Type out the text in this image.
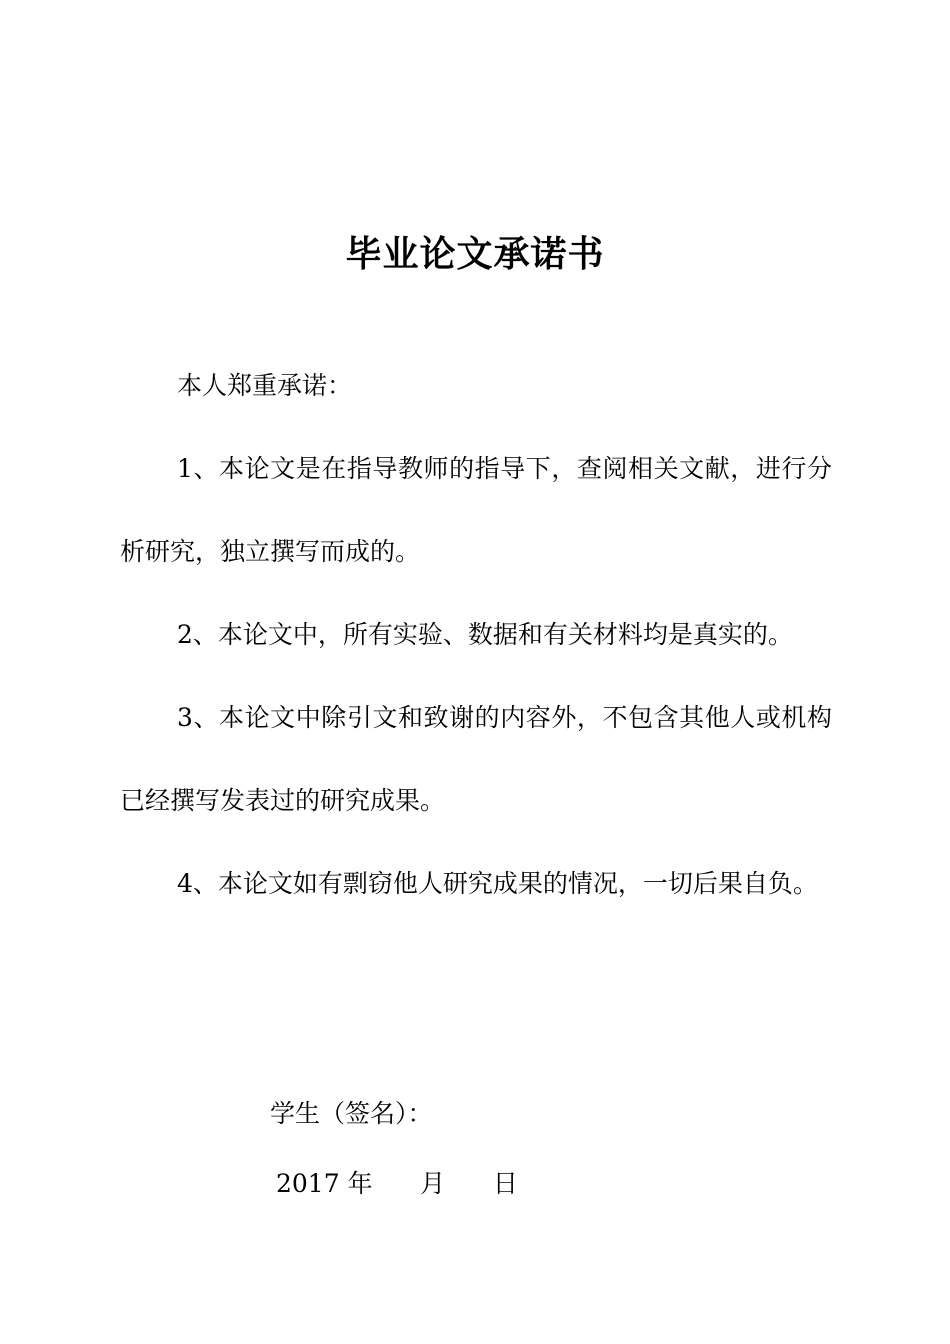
毕业论文承诺书

本人郑重承诺：

1、本论文是在指导教师的指导下，查阅相关文献，进行分析研究，独立撰写而成的。

2、本论文中，所有实验、数据和有关材料均是真实的。

3、本论文中除引文和致谢的内容外，不包含其他人或机构已经撰写发表过的研究成果。

4、本论文如有剽窃他人研究成果的情况，一切后果自负。

学生（签名）：
2017 年      月      日
